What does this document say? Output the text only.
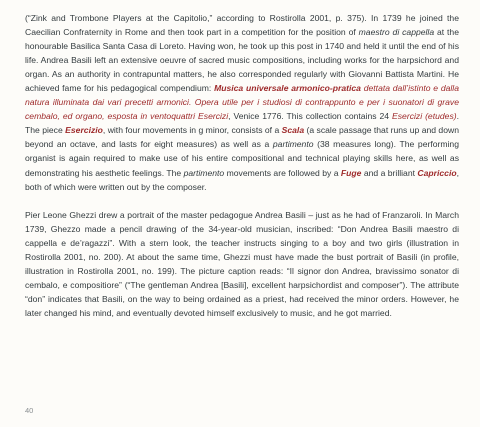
(“Zink and Trombone Players at the Capitolio,” according to Rostirolla 2001, p. 375). In 1739 he joined the Caecilian Confraternity in Rome and then took part in a competition for the position of maestro di cappella at the honourable Basilica Santa Casa di Loreto. Having won, he took up this post in 1740 and held it until the end of his life. Andrea Basili left an extensive oeuvre of sacred music compositions, including works for the harpsichord and organ. As an authority in contrapuntal matters, he also corresponded regularly with Giovanni Battista Martini. He achieved fame for his pedagogical compendium: Musica universale armonico-pratica dettata dall’istinto e dalla natura illuminata dai vari precetti armonici. Opera utile per i studiosi di contrappunto e per i suonatori di grave cembalo, ed organo, esposta in ventoquattri Esercizi, Venice 1776. This collection contains 24 Esercizi (etudes). The piece Esercizio, with four movements in g minor, consists of a Scala (a scale passage that runs up and down beyond an octave, and lasts for eight measures) as well as a partimento (38 measures long). The performing organist is again required to make use of his entire compositional and technical playing skills here, as well as demonstrating his aesthetic feelings. The partimento movements are followed by a Fuge and a brilliant Capriccio, both of which were written out by the composer.

Pier Leone Ghezzi drew a portrait of the master pedagogue Andrea Basili – just as he had of Franzaroli. In March 1739, Ghezzo made a pencil drawing of the 34-year-old musician, inscribed: “Don Andrea Basili maestro di cappella e de’ragazzi”. With a stern look, the teacher instructs singing to a boy and two girls (illustration in Rostirolla 2001, no. 200). At about the same time, Ghezzi must have made the bust portrait of Basili (in profile, illustration in Rostirolla 2001, no. 199). The picture caption reads: “Il signor don Andrea, bravissimo sonator di cembalo, e compositiore” (“The gentleman Andrea [Basili], excellent harpsichordist and composer”). The attribute “don” indicates that Basili, on the way to being ordained as a priest, had received the minor orders. However, he later changed his mind, and eventually devoted himself exclusively to music, and he got married.

40
